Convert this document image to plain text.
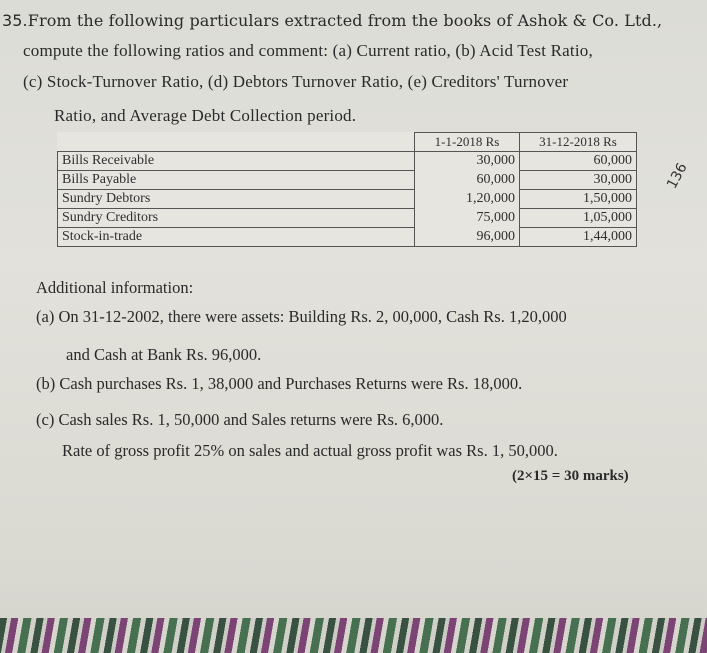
35.From the following particulars extracted from the books of Ashok & Co. Ltd.,
compute the following ratios and comment: (a) Current ratio, (b) Acid Test Ratio,
(c) Stock-Turnover Ratio, (d) Debtors Turnover Ratio, (e) Creditors' Turnover
Ratio, and Average Debt Collection period.
	1-1-2018 Rs	31-12-2018 Rs
Bills Receivable	30,000	60,000
Bills Payable	60,000	30,000
Sundry Debtors	1,20,000	1,50,000
Sundry Creditors	75,000	1,05,000
Stock-in-trade	96,000	1,44,000
136
Additional information:
(a) On 31-12-2002, there were assets: Building Rs. 2, 00,000, Cash Rs. 1,20,000
and Cash at Bank Rs. 96,000.
(b) Cash purchases Rs. 1, 38,000 and Purchases Returns were Rs. 18,000.
(c) Cash sales Rs. 1, 50,000 and Sales returns were Rs. 6,000.
Rate of gross profit 25% on sales and actual gross profit was Rs. 1, 50,000.
(2×15 = 30 marks)
